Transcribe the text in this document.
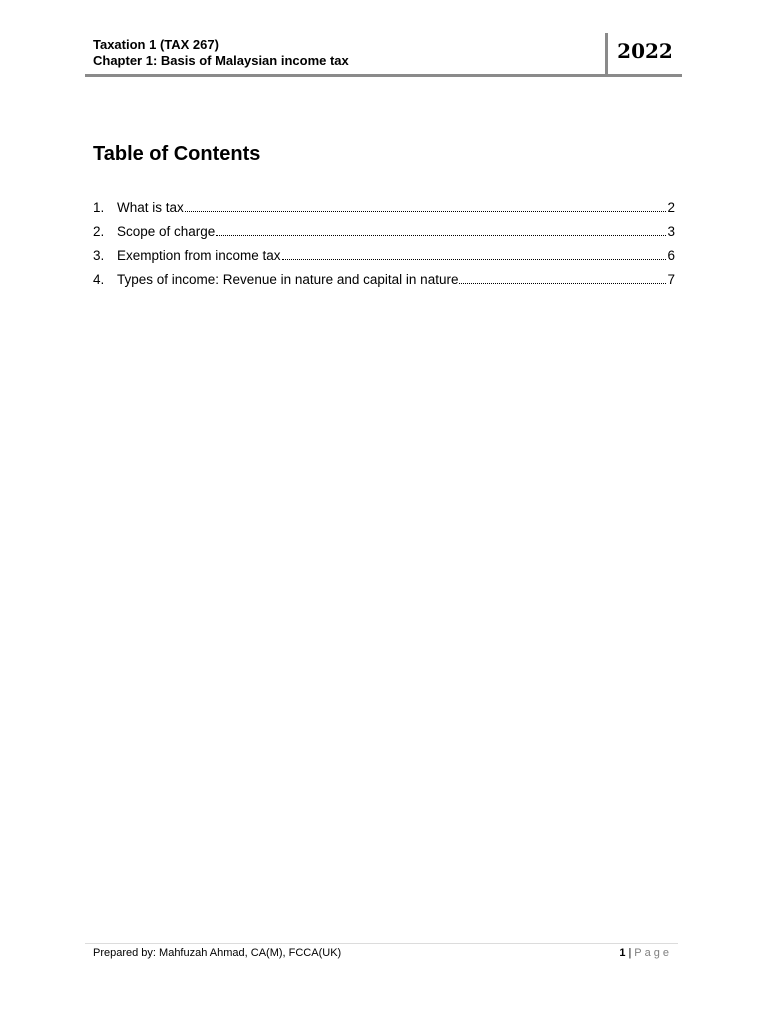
Taxation 1 (TAX 267)
Chapter 1: Basis of Malaysian income tax	2022
Table of Contents
1. What is tax	2
2. Scope of charge	3
3. Exemption from income tax	6
4. Types of income: Revenue in nature and capital in nature	7
Prepared by: Mahfuzah Ahmad, CA(M), FCCA(UK)	1 | Page
